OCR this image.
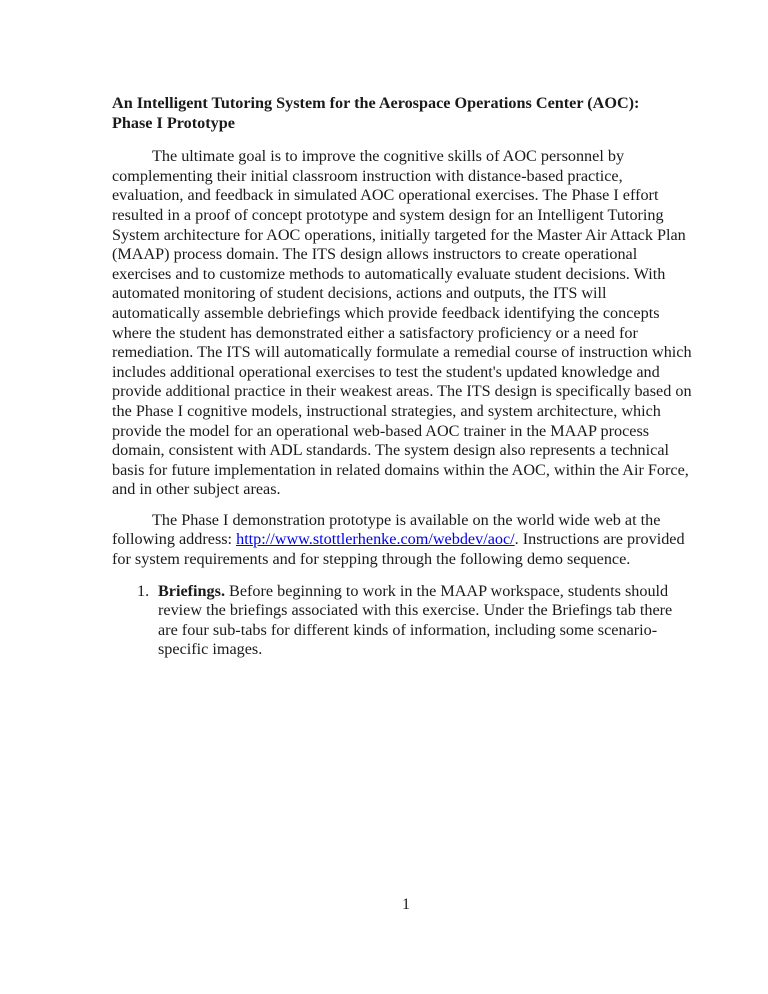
An Intelligent Tutoring System for the Aerospace Operations Center (AOC):
Phase I Prototype

The ultimate goal is to improve the cognitive skills of AOC personnel by
complementing their initial classroom instruction with distance-based practice,
evaluation, and feedback in simulated AOC operational exercises. The Phase I effort
resulted in a proof of concept prototype and system design for an Intelligent Tutoring
System architecture for AOC operations, initially targeted for the Master Air Attack Plan
(MAAP) process domain. The ITS design allows instructors to create operational
exercises and to customize methods to automatically evaluate student decisions. With
automated monitoring of student decisions, actions and outputs, the ITS will
automatically assemble debriefings which provide feedback identifying the concepts
where the student has demonstrated either a satisfactory proficiency or a need for
remediation. The ITS will automatically formulate a remedial course of instruction which
includes additional operational exercises to test the student's updated knowledge and
provide additional practice in their weakest areas. The ITS design is specifically based on
the Phase I cognitive models, instructional strategies, and system architecture, which
provide the model for an operational web-based AOC trainer in the MAAP process
domain, consistent with ADL standards. The system design also represents a technical
basis for future implementation in related domains within the AOC, within the Air Force,
and in other subject areas.

The Phase I demonstration prototype is available on the world wide web at the
following address: http://www.stottlerhenke.com/webdev/aoc/. Instructions are provided
for system requirements and for stepping through the following demo sequence.

1. Briefings. Before beginning to work in the MAAP workspace, students should
review the briefings associated with this exercise. Under the Briefings tab there
are four sub-tabs for different kinds of information, including some scenario-
specific images.
1
